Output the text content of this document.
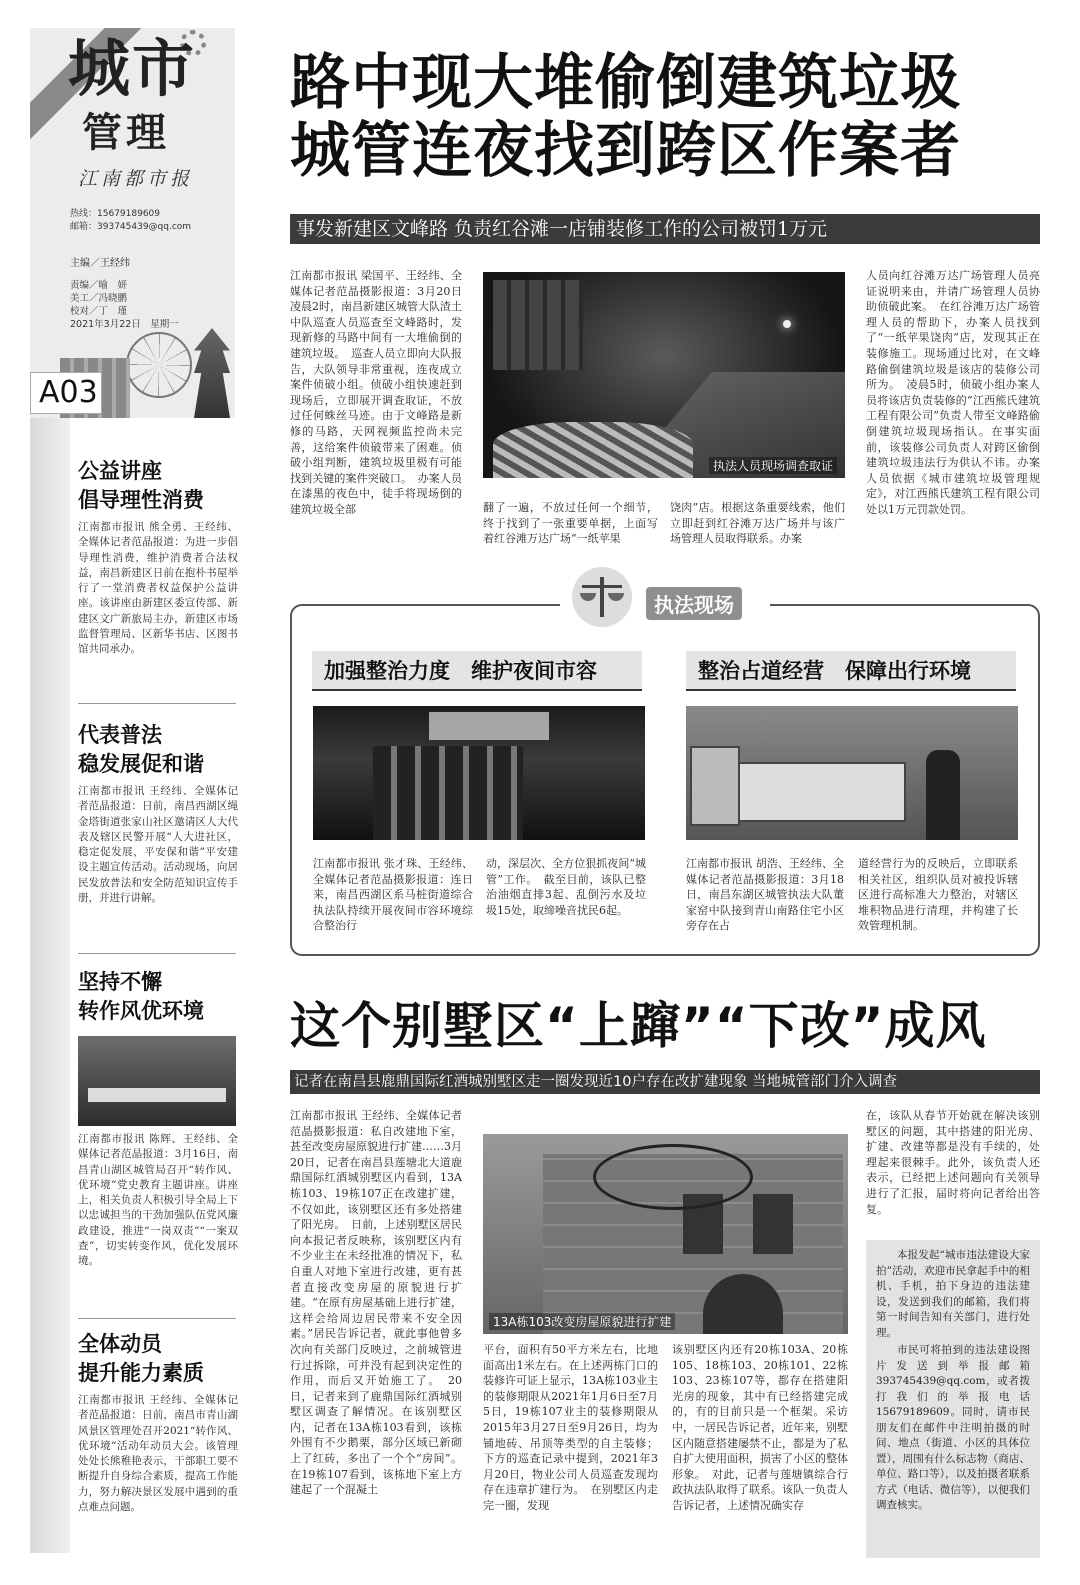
城市
管理
江南都市报
热线：15679189609
邮箱：393745439@qq.com
主编／王经纬
责编／喻　妍
美工／冯晓鹏
校对／丁　瑾
2021年3月22日　星期一
A03
公益讲座
倡导理性消费
江南都市报讯 熊全勇、王经纬、全媒体记者范晶报道：为进一步倡导理性消费，维护消费者合法权益，南昌新建区日前在抱朴书屋举行了一堂消费者权益保护公益讲座。该讲座由新建区委宣传部、新建区文广新旅局主办，新建区市场监督管理局、区新华书店、区图书馆共同承办。
代表普法
稳发展促和谐
江南都市报讯 王经纬、全媒体记者范晶报道：日前，南昌西湖区绳金塔街道张家山社区邀请区人大代表及辖区民警开展“人大进社区，稳定促发展，平安保和谐”平安建设主题宣传活动。活动现场，向居民发放普法和安全防范知识宣传手册，并进行讲解。
坚持不懈
转作风优环境
江南都市报讯 陈辉、王经纬、全媒体记者范晶报道：3月16日，南昌青山湖区城管局召开“转作风、优环境”党史教育主题讲座。讲座上，相关负责人积极引导全局上下以忠诚担当的干劲加强队伍党风廉政建设，推进“一岗双责”“一案双查”，切实转变作风，优化发展环境。
全体动员
提升能力素质
江南都市报讯 王经纬、全媒体记者范晶报道：日前，南昌市青山湖风景区管理处召开2021“转作风、优环境”活动年动员大会。该管理处处长熊稚艳表示，干部职工要不断提升自身综合素质，提高工作能力，努力解决景区发展中遇到的重点难点问题。
路中现大堆偷倒建筑垃圾
城管连夜找到跨区作案者
事发新建区文峰路 负责红谷滩一店铺装修工作的公司被罚1万元
江南都市报讯 梁国平、王经纬、全媒体记者范晶摄影报道：3月20日凌晨2时，南昌新建区城管大队渣土中队巡查人员巡查至文峰路时，发现新修的马路中间有一大堆偷倒的建筑垃圾。　巡查人员立即向大队报告，大队领导非常重视，连夜成立案件侦破小组。侦破小组快速赶到现场后，立即展开调查取证，不放过任何蛛丝马迹。由于文峰路是新修的马路，天网视频监控尚未完善，这给案件侦破带来了困难。侦破小组判断，建筑垃圾里极有可能找到关键的案件突破口。　办案人员在漆黑的夜色中，徒手将现场倒的建筑垃圾全部
执法人员现场调查取证
翻了一遍，不放过任何一个细节，终于找到了一张重要单据，上面写着红谷滩万达广场“一纸苹果
饶肉”店。根据这条重要线索，他们立即赶到红谷滩万达广场并与该广场管理人员取得联系。办案
人员向红谷滩万达广场管理人员亮证说明来由，并请广场管理人员协助侦破此案。　在红谷滩万达广场管理人员的帮助下，办案人员找到了“一纸苹果饶肉”店，发现其正在装修施工。现场通过比对，在文峰路偷倒建筑垃圾是该店的装修公司所为。　凌晨5时，侦破小组办案人员将该店负责装修的“江西熊氏建筑工程有限公司”负责人带至文峰路偷倒建筑垃圾现场指认。在事实面前，该装修公司负责人对跨区偷倒建筑垃圾违法行为供认不讳。办案人员依据《城市建筑垃圾管理规定》，对江西熊氏建筑工程有限公司处以1万元罚款处罚。
执法现场
加强整治力度　维护夜间市容
江南都市报讯 张才珠、王经纬、全媒体记者范晶摄影报道：连日来，南昌西湖区系马桩街道综合执法队持续开展夜间市容环境综合整治行
动，深层次、全方位狠抓夜间“城管”工作。　截至目前，该队已整治油烟直排3起、乱倒污水及垃圾15处，取缔噪音扰民6起。
整治占道经营　保障出行环境
江南都市报讯 胡浩、王经纬、全媒体记者范晶摄影报道：3月18日，南昌东湖区城管执法大队董家窑中队接到青山南路住宅小区旁存在占
道经营行为的反映后，立即联系相关社区，组织队员对被投诉辖区进行高标准大力整治，对辖区堆积物品进行清理，并构建了长效管理机制。
这个别墅区“上蹿”“下改”成风
记者在南昌县鹿鼎国际红酒城别墅区走一圈发现近10户存在改扩建现象 当地城管部门介入调查
江南都市报讯 王经纬、全媒体记者范晶摄影报道：私自改建地下室，甚至改变房屋原貌进行扩建……3月20日，记者在南昌县莲塘北大道鹿鼎国际红酒城别墅区内看到，13A栋103、19栋107正在改建扩建，不仅如此，该别墅区还有多处搭建了阳光房。　日前，上述别墅区居民向本报记者反映称，该别墅区内有不少业主在未经批准的情况下，私自重人对地下室进行改建，更有甚者直接改变房屋的原貌进行扩建。“在原有房屋基础上进行扩建，这样会给周边居民带来不安全因素。”居民告诉记者，就此事他曾多次向有关部门反映过，之前城管进行过拆除，可并没有起到决定性的作用，而后又开始施工了。　20日，记者来到了鹿鼎国际红酒城别墅区调查了解情况。在该别墅区内，记者在13A栋103看到，该栋外围有不少鹅栗，部分区域已新砌上了红砖，多出了一个个“房间”。在19栋107看到，该栋地下室上方建起了一个混凝土
13A栋103改变房屋原貌进行扩建
平台，面积有50平方米左右，比地面高出1米左右。在上述两栋门口的装修许可证上显示，13A栋103业主的装修期限从2021年1月6日至7月5日，19栋107业主的装修期限从2015年3月27日至9月26日，均为铺地砖、吊顶等类型的自主装修；下方的巡查记录中提到，2021年3月20日，物业公司人员巡查发现均存在违章扩建行为。　在别墅区内走完一圈，发现
该别墅区内还有20栋103A、20栋105、18栋103、20栋101、22栋103、23栋107等，都存在搭建阳光房的现象，其中有已经搭建完成的，有的目前只是一个框架。采访中，一居民告诉记者，近年来，别墅区内随意搭建屡禁不止，都是为了私自扩大使用面积，损害了小区的整体形象。　对此，记者与莲塘镇综合行政执法队取得了联系。该队一负责人告诉记者，上述情况确实存
在，该队从春节开始就在解决该别墅区的问题，其中搭建的阳光房、扩建、改建等都是没有手续的，处理起来很棘手。此外，该负责人还表示，已经把上述问题向有关领导进行了汇报，届时将向记者给出答复。
本报发起“城市违法建设大家拍”活动，欢迎市民拿起手中的相机、手机，拍下身边的违法建设，发送到我们的邮箱，我们将第一时间告知有关部门，进行处理。
市民可将拍到的违法建设图片发送到举报邮箱393745439@qq.com，或者拨打我们的举报电话15679189609。同时，请市民朋友们在邮件中注明拍摄的时间、地点（街道、小区的具体位置），周围有什么标志物（商店、单位、路口等），以及拍摄者联系方式（电话、微信等），以便我们调查核实。
